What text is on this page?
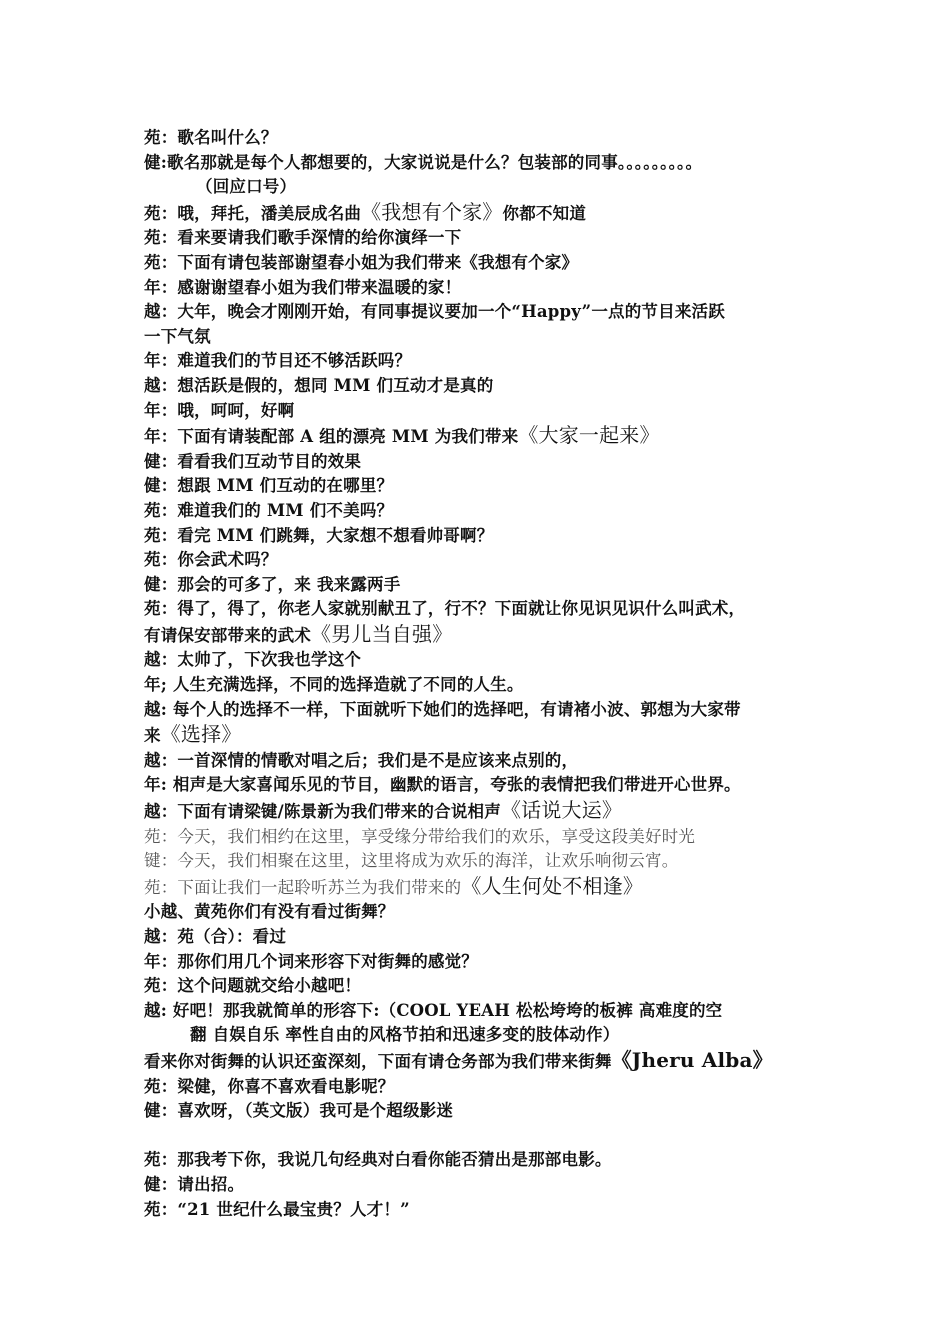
苑：歌名叫什么？
健:歌名那就是每个人都想要的，大家说说是什么？包装部的同事。。。。。。。。。
（回应口号）
苑：哦，拜托，潘美辰成名曲《我想有个家》你都不知道
苑：看来要请我们歌手深情的给你演绎一下
苑：下面有请包装部谢望春小姐为我们带来《我想有个家》
年：感谢谢望春小姐为我们带来温暖的家！
越：大年，晚会才刚刚开始，有同事提议要加一个“Happy”一点的节目来活跃
一下气氛
年：难道我们的节目还不够活跃吗？
越：想活跃是假的，想同 MM 们互动才是真的
年：哦，呵呵，好啊
年：下面有请装配部 A 组的漂亮 MM 为我们带来《大家一起来》
健：看看我们互动节目的效果
健：想跟 MM 们互动的在哪里？
苑：难道我们的 MM 们不美吗？
苑：看完 MM 们跳舞，大家想不想看帅哥啊？
苑：你会武术吗？
健：那会的可多了，来 我来露两手
苑：得了，得了，你老人家就别献丑了，行不？下面就让你见识见识什么叫武术，
有请保安部带来的武术《男儿当自强》
越：太帅了，下次我也学这个
年; 人生充满选择，不同的选择造就了不同的人生。
越: 每个人的选择不一样，下面就听下她们的选择吧，有请褚小波、郭想为大家带
来《选择》
越：一首深情的情歌对唱之后；我们是不是应该来点别的，
年: 相声是大家喜闻乐见的节目，幽默的语言，夸张的表情把我们带进开心世界。
越：下面有请梁键/陈景新为我们带来的合说相声《话说大运》
苑：今天，我们相约在这里，享受缘分带给我们的欢乐，享受这段美好时光
键：今天，我们相聚在这里，这里将成为欢乐的海洋，让欢乐响彻云宵。
苑：下面让我们一起聆听苏兰为我们带来的《人生何处不相逢》
小越、黄苑你们有没有看过街舞？
越：苑（合）：看过
年：那你们用几个词来形容下对街舞的感觉？
苑：这个问题就交给小越吧！
越: 好吧！那我就简单的形容下:（COOL YEAH 松松垮垮的板裤 高难度的空
翻 自娱自乐 率性自由的风格节拍和迅速多变的肢体动作）
看来你对街舞的认识还蛮深刻，下面有请仓务部为我们带来街舞《Jheru Alba》
苑：梁健，你喜不喜欢看电影呢？
健：喜欢呀，（英文版）我可是个超级影迷
苑：那我考下你，我说几句经典对白看你能否猜出是那部电影。
健：请出招。
苑：“21 世纪什么最宝贵？人才！”
